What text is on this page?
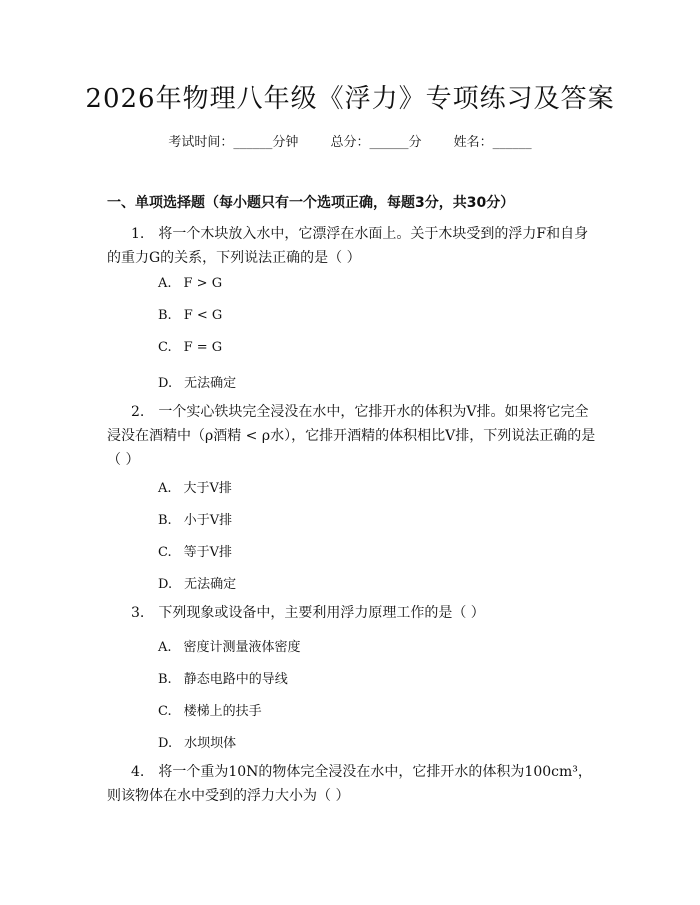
2026年物理八年级《浮力》专项练习及答案
考试时间：______分钟 总分：______分 姓名：______
一、单项选择题（每小题只有一个选项正确，每题3分，共30分）
1. 将一个木块放入水中，它漂浮在水面上。关于木块受到的浮力F和自身的重力G的关系，下列说法正确的是（ ）
A. F > G
B. F < G
C. F = G
D. 无法确定
2. 一个实心铁块完全浸没在水中，它排开水的体积为V排。如果将它完全浸没在酒精中（ρ酒精 < ρ水），它排开酒精的体积相比V排，下列说法正确的是（ ）
A. 大于V排
B. 小于V排
C. 等于V排
D. 无法确定
3. 下列现象或设备中，主要利用浮力原理工作的是（ ）
A. 密度计测量液体密度
B. 静态电路中的导线
C. 楼梯上的扶手
D. 水坝坝体
4. 将一个重为10N的物体完全浸没在水中，它排开水的体积为100cm³，则该物体在水中受到的浮力大小为（ ）
